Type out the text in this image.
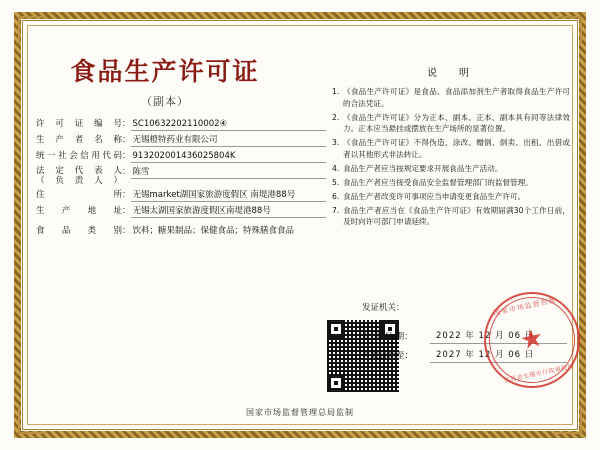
食品生产许可证
（副本）
许 可 证 编 号 ： SC10632202110002④
生 产 者 名 称 ： 无锡橙特药业有限公司
统一社会信用代码 ： 913202001436025804K
法 定 代 表 人
（ 负 责 人 ）
： 陈雪
住 所 ： 无锡market湖国家旅游度假区 南堤港88号
生 产 地 址 ： 无锡太湖国家旅游度假区南堤港88号
食 品 类 别 ： 饮料；糖果制品；保健食品；特殊膳食食品
说　明
1. 《食品生产许可证》是食品、食品添加剂生产者取得食品生产许可的合法凭证。
2. 《食品生产许可证》分为正本、副本。正本、副本具有同等法律效力。正本应当悬挂或摆放在生产场所的显著位置。
3. 《食品生产许可证》不得伪造、涂改、赠倒、倒卖、出租、出借或者以其他形式非法转让。
4. 食品生产者应当按规定要求开展食品生产活动。
5. 食品生产者应当接受食品安全监督管理部门的监督管理。
6. 食品生产者改变许可事项应当申请变更食品生产许可。
7. 食品生产者应当在《食品生产许可证》有效期届满30个工作日前，及时向许可部门申请延续。
发证机关：
发 证 日 期：	2022 年 12 月 06 日
有效日期至：	2027 年 12 月 06 日
国家市场监督管理
★
江苏省无锡市行政审批局
国家市场监督管理总局监制
